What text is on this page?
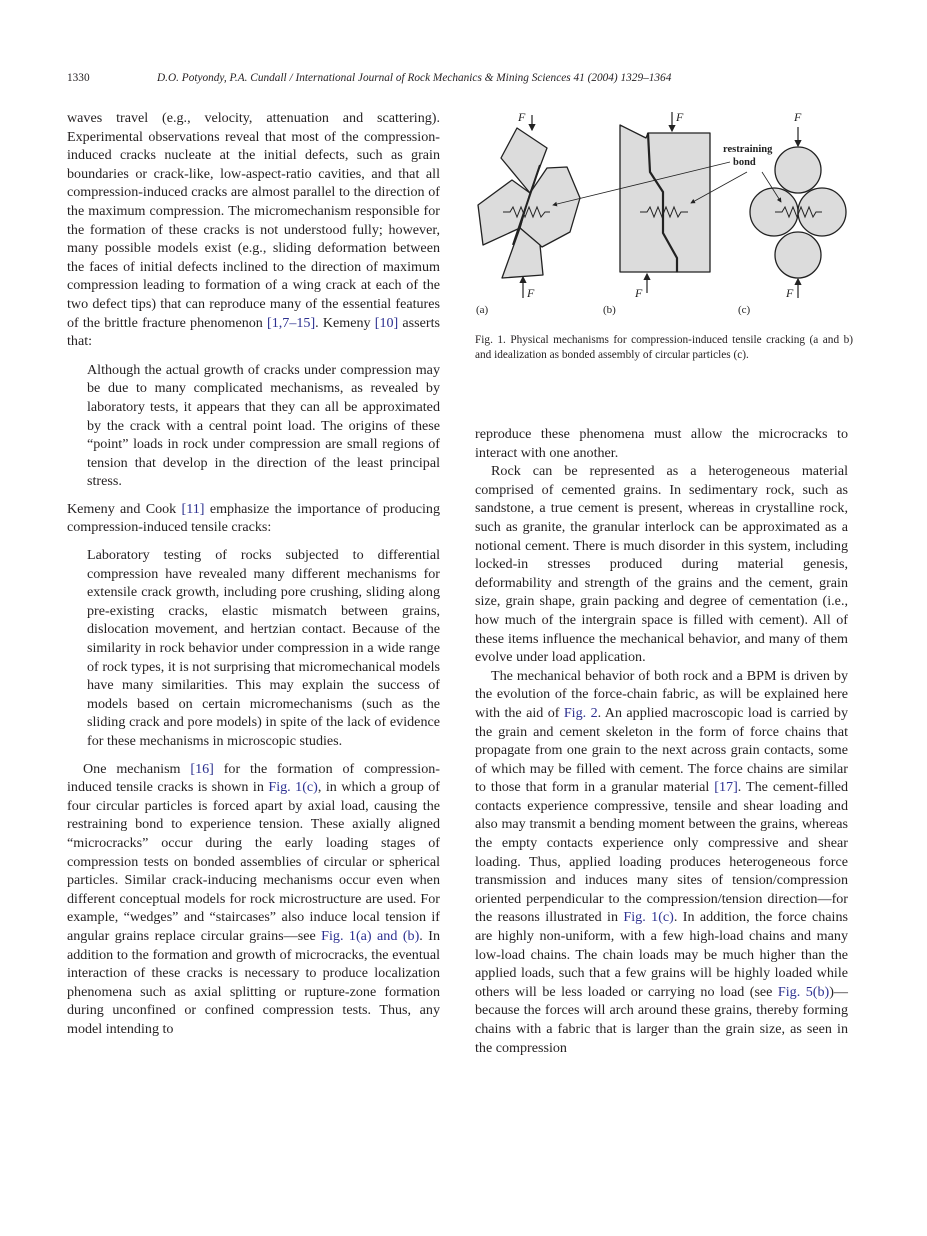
1330	D.O. Potyondy, P.A. Cundall / International Journal of Rock Mechanics & Mining Sciences 41 (2004) 1329–1364

waves travel (e.g., velocity, attenuation and scattering). Experimental observations reveal that most of the compression-induced cracks nucleate at the initial defects, such as grain boundaries or crack-like, low-aspect-ratio cavities, and that all compression-induced cracks are almost parallel to the direction of the maximum compression. The micromechanism responsible for the formation of these cracks is not understood fully; however, many possible models exist (e.g., sliding deformation between the faces of initial defects inclined to the direction of maximum compression leading to formation of a wing crack at each of the two defect tips) that can reproduce many of the essential features of the brittle fracture phenomenon [1,7–15]. Kemeny [10] asserts that:

Although the actual growth of cracks under compression may be due to many complicated mechanisms, as revealed by laboratory tests, it appears that they can all be approximated by the crack with a central point load. The origins of these “point” loads in rock under compression are small regions of tension that develop in the direction of the least principal stress.

Kemeny and Cook [11] emphasize the importance of producing compression-induced tensile cracks:

Laboratory testing of rocks subjected to differential compression have revealed many different mechanisms for extensile crack growth, including pore crushing, sliding along pre-existing cracks, elastic mismatch between grains, dislocation movement, and hertzian contact. Because of the similarity in rock behavior under compression in a wide range of rock types, it is not surprising that micromechanical models have many similarities. This may explain the success of models based on certain micromechanisms (such as the sliding crack and pore models) in spite of the lack of evidence for these mechanisms in microscopic studies.

One mechanism [16] for the formation of compression-induced tensile cracks is shown in Fig. 1(c), in which a group of four circular particles is forced apart by axial load, causing the restraining bond to experience tension. These axially aligned “microcracks” occur during the early loading stages of compression tests on bonded assemblies of circular or spherical particles. Similar crack-inducing mechanisms occur even when different conceptual models for rock microstructure are used. For example, “wedges” and “staircases” also induce local tension if angular grains replace circular grains—see Fig. 1(a) and (b). In addition to the formation and growth of microcracks, the eventual interaction of these cracks is necessary to produce localization phenomena such as axial splitting or rupture-zone formation during unconfined or confined compression tests. Thus, any model intending to

F
F
F
F
F
F
restraining
bond
(a)	(b)	(c)
Fig. 1. Physical mechanisms for compression-induced tensile cracking (a and b) and idealization as bonded assembly of circular particles (c).

reproduce these phenomena must allow the microcracks to interact with one another.

Rock can be represented as a heterogeneous material comprised of cemented grains. In sedimentary rock, such as sandstone, a true cement is present, whereas in crystalline rock, such as granite, the granular interlock can be approximated as a notional cement. There is much disorder in this system, including locked-in stresses produced during material genesis, deformability and strength of the grains and the cement, grain size, grain shape, grain packing and degree of cementation (i.e., how much of the intergrain space is filled with cement). All of these items influence the mechanical behavior, and many of them evolve under load application.

The mechanical behavior of both rock and a BPM is driven by the evolution of the force-chain fabric, as will be explained here with the aid of Fig. 2. An applied macroscopic load is carried by the grain and cement skeleton in the form of force chains that propagate from one grain to the next across grain contacts, some of which may be filled with cement. The force chains are similar to those that form in a granular material [17]. The cement-filled contacts experience compressive, tensile and shear loading and also may transmit a bending moment between the grains, whereas the empty contacts experience only compressive and shear loading. Thus, applied loading produces heterogeneous force transmission and induces many sites of tension/compression oriented perpendicular to the compression/tension direction—for the reasons illustrated in Fig. 1(c). In addition, the force chains are highly non-uniform, with a few high-load chains and many low-load chains. The chain loads may be much higher than the applied loads, such that a few grains will be highly loaded while others will be less loaded or carrying no load (see Fig. 5(b))—because the forces will arch around these grains, thereby forming chains with a fabric that is larger than the grain size, as seen in the compression
